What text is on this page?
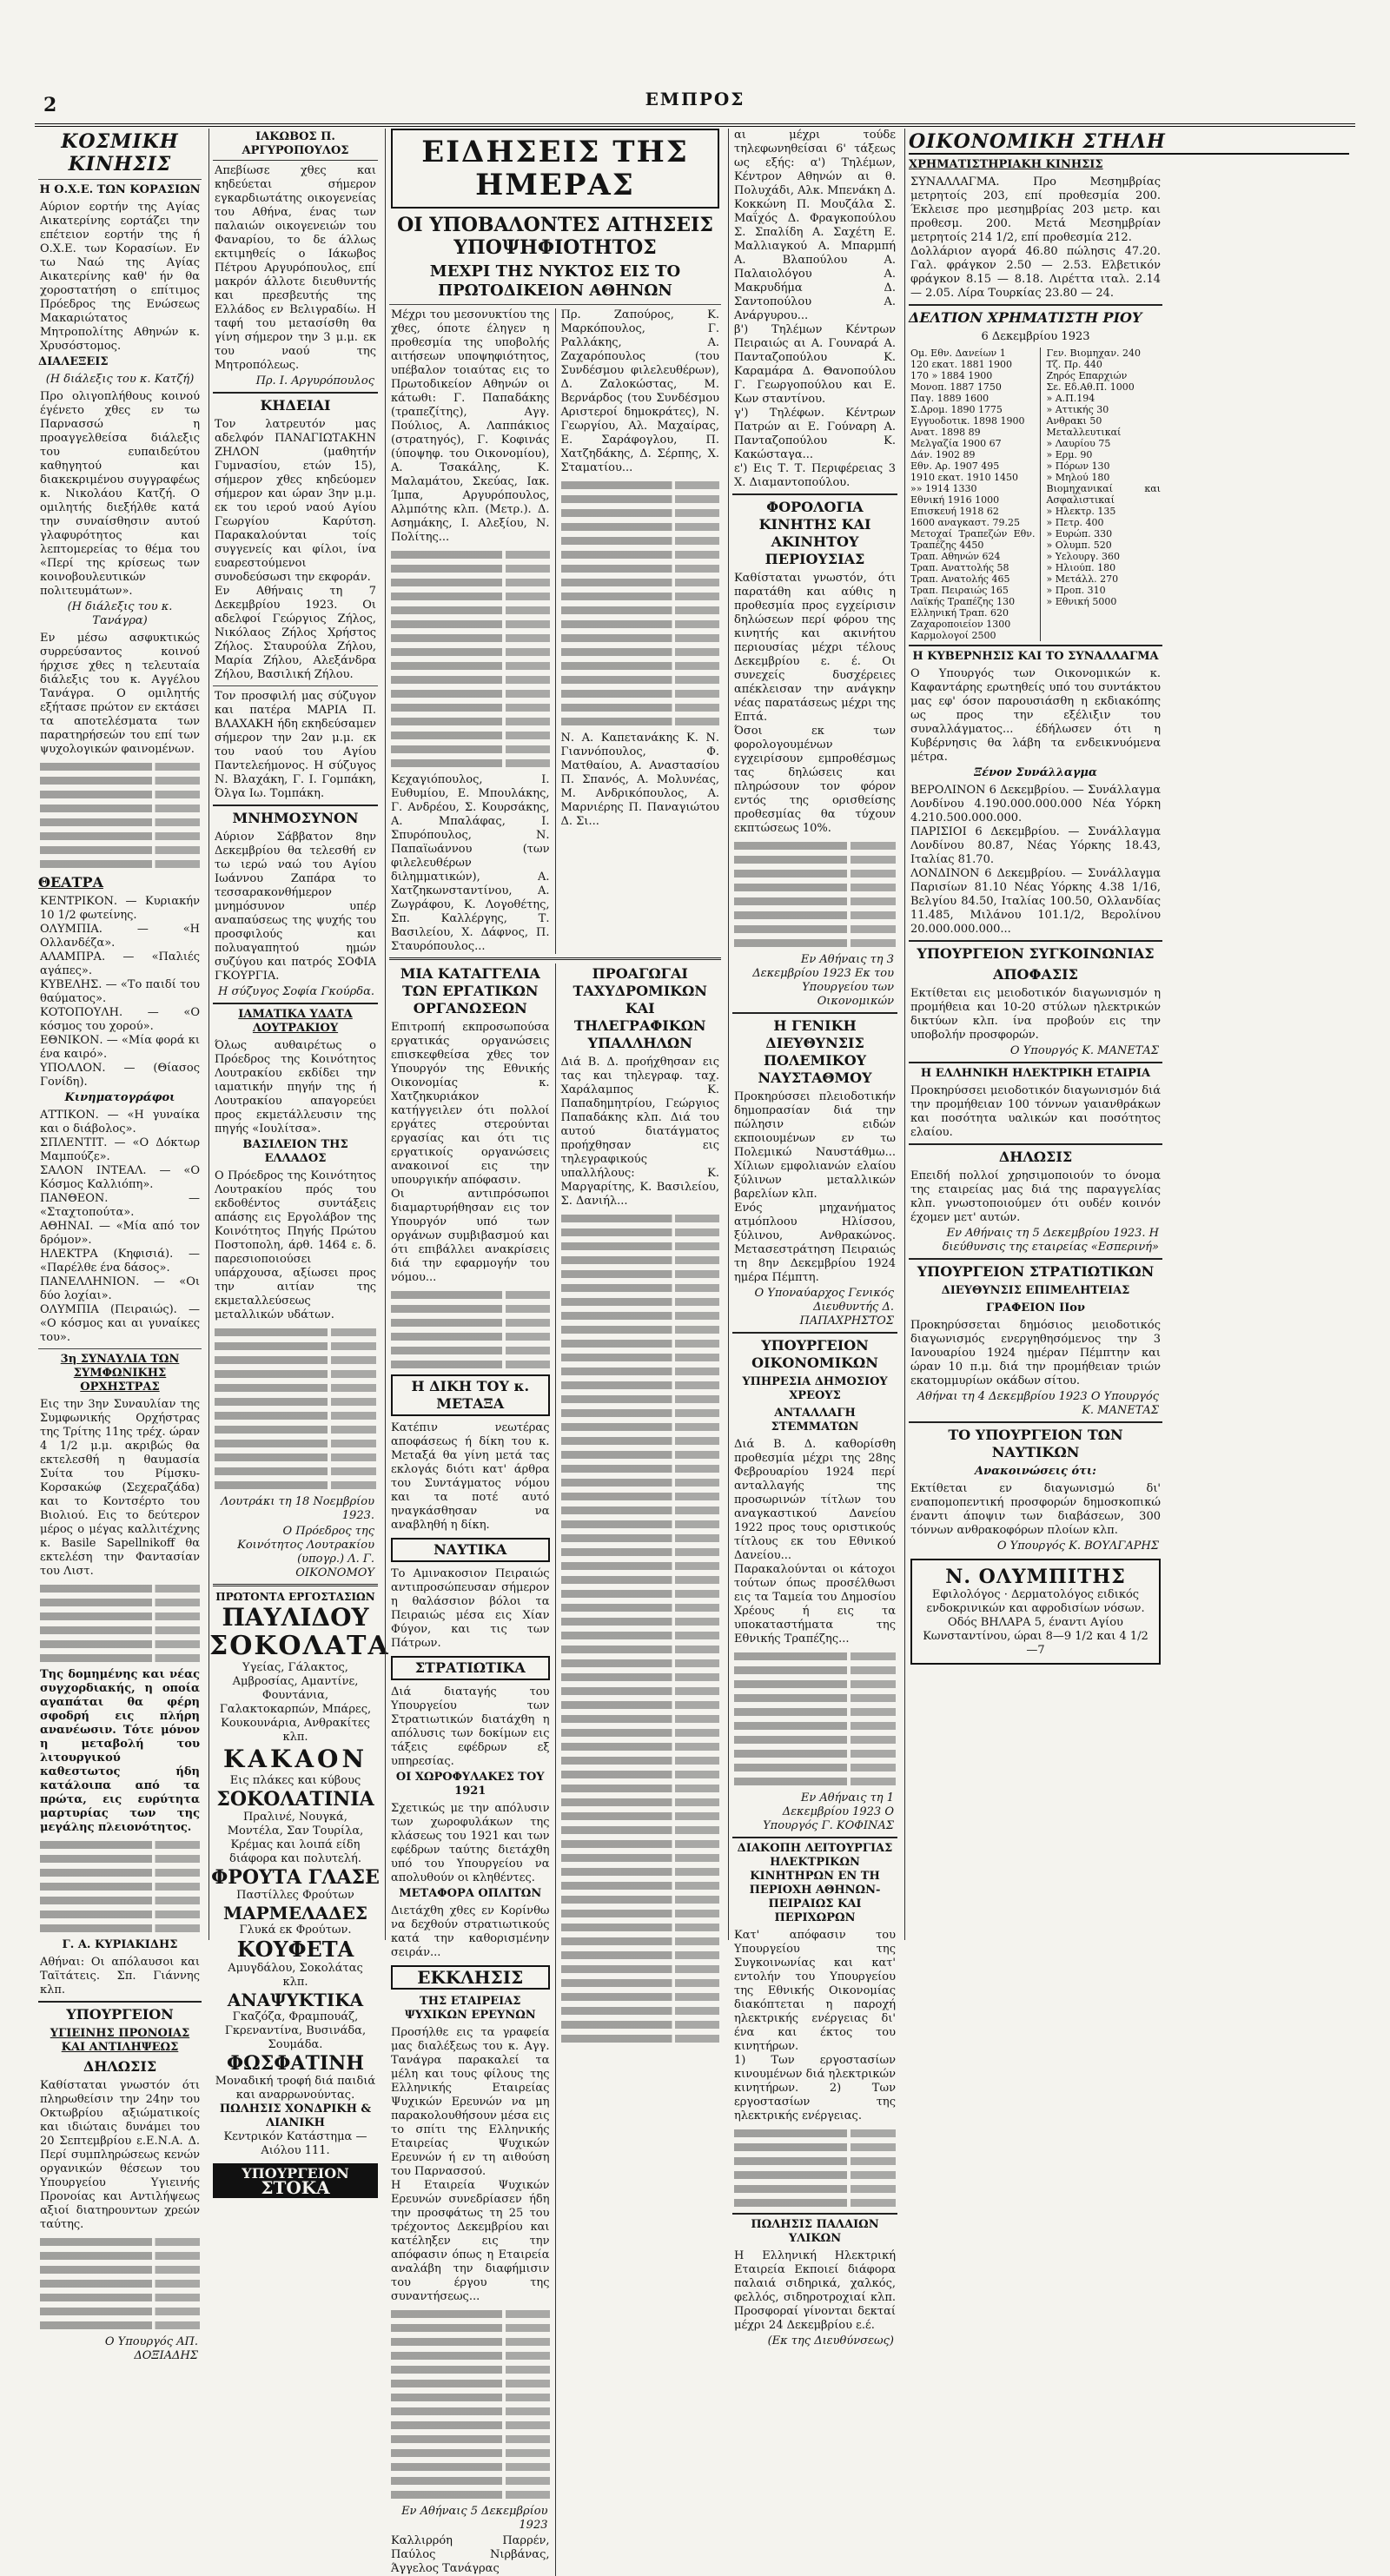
2	ΕΜΠΡΟΣ
ΚΟΣΜΙΚΗ ΚΙΝΗΣΙΣ
Η Ο.Χ.Ε. ΤΩΝ ΚΟΡΑΣΙΩΝ
Αύριον εορτήν της Αγίας Αικατερίνης εορτάζει την επέτειον εορτήν της ή Ο.Χ.Ε. των Κορασίων. Εν τω Ναώ της Αγίας Αικατερίνης καθ' ήν θα χοροστατήση ο επίτιμος Πρόεδρος της Ενώσεως Μακαριώτατος Μητροπολίτης Αθηνών κ. Χρυσόστομος.
ΔΙΑΛΕΞΕΙΣ
(Η διάλεξις του κ. Κατζή)
Προ ολιγοπλήθους κοινού έγένετο χθες εν τω Παρνασσώ η προαγγελθείσα διάλεξις του ευπαιδεύτου καθηγητού και διακεκριμένου συγγραφέως κ. Νικολάου Κατζή. Ο ομιλητής διεξήλθε κατά την συναίσθησιν αυτού γλαφυρότητος και λεπτομερείας το θέμα του «Περί της κρίσεως των κοινοβουλευτικών πολιτευμάτων».
(Η διάλεξις του κ. Τανάγρα)
Εν μέσω ασφυκτικώς συρρεύσαντος κοινού ήρχισε χθες η τελευταία διάλεξις του κ. Αγγέλου Τανάγρα. Ο ομιλητής εξήτασε πρώτον εν εκτάσει τα αποτελέσματα των παρατηρήσεών του επί των ψυχολογικών φαινομένων.
ΘΕΑΤΡΑ
ΚΕΝΤΡΙΚΟΝ. — Κυριακήν 10 1/2 φωτείνης.
ΟΛΥΜΠΙΑ. — «Η Ολλανδέζα».
ΑΛΑΜΠΡΑ. — «Παλιές αγάπες».
ΚΥΒΕΛΗΣ. — «Το παιδί του θαύματος».
ΚΟΤΟΠΟΥΛΗ. — «Ο κόσμος του χορού».
ΕΘΝΙΚΟΝ. — «Μία φορά κι ένα καιρό».
ΥΠΟΛΛΟΝ. — (Θίασος Γονίδη).
Κινηματογράφοι
ΑΤΤΙΚΟΝ. — «Η γυναίκα και ο διάβολος».
ΣΠΛΕΝΤΙΤ. — «Ο Δόκτωρ Μαμπούζε».
ΣΑΛΟΝ ΙΝΤΕΑΛ. — «Ο Κόσμος Καλλιόπη».
ΠΑΝΘΕΟΝ. — «Σταχτοπούτα».
ΑΘΗΝΑΙ. — «Μία από τον δρόμον».
ΗΛΕΚΤΡΑ (Κηφισιά). — «Παρέλθε ένα δάσος».
ΠΑΝΕΛΛΗΝΙΟΝ. — «Οι δύο λοχίαι».
ΟΛΥΜΠΙΑ (Πειραιώς). — «Ο κόσμος και αι γυναίκες του».
3η ΣΥΝΑΥΛΙΑ ΤΩΝ ΣΥΜΦΩΝΙΚΗΣ ΟΡΧΗΣΤΡΑΣ
Εις την 3ην Συναυλίαν της Συμφωνικής Ορχήστρας της Τρίτης 11ης τρέχ. ώραν 4 1/2 μ.μ. ακριβώς θα εκτελεσθή η θαυμασία Συίτα του Ρίμσκυ-Κορσακώφ (Σεχεραζάδα) και το Κοντσέρτο του Βιολιού. Εις το δεύτερον μέρος ο μέγας καλλιτέχνης κ. Basile Sapellnikoff θα εκτελέση την Φαντασίαν του Λιστ.
Της δομημένης και νέας συγχορδιακής, η οποία αγαπάται θα φέρη σφοδρή εις πλήρη ανανέωσιν. Τότε μόνον η μεταβολή του λιτουργικού καθεστωτος ήδη κατάλοιπα από τα πρώτα, εις ευρύτητα μαρτυρίας των της μεγάλης πλειονότητος.
Γ. Α. ΚΥΡΙΑΚΙΔΗΣ
Αθήναι: Οι απόλαυσοι και Ταϊτάτεις. Σπ. Γιάννης κλπ.
ΥΠΟΥΡΓΕΙΟΝ
ΥΓΙΕΙΝΗΣ ΠΡΟΝΟΙΑΣ ΚΑΙ ΑΝΤΙΛΗΨΕΩΣ
ΔΗΛΩΣΙΣ
Καθίσταται γνωστόν ότι πληρωθείσιν την 24ην του Οκτωβρίου αξιώματικοίς και ιδιώταις δυνάμει του 20 Σεπτεμβρίου ε.Ε.Ν.Α. Δ. Περί συμπληρώσεως κενών οργανικών θέσεων του Υπουργείου Υγιεινής Προνοίας και Αντιλήψεως αξιοί διατηρουντων χρεών ταύτης.
Ο Υπουργός ΑΠ. ΔΟΞΙΑΔΗΣ
ΙΑΚΩΒΟΣ Π. ΑΡΓΥΡΟΠΟΥΛΟΣ
Απεβίωσε χθες και κηδεύεται σήμερον εγκαρδιωτάτης οικογενείας του Αθήνα, ένας των παλαιών οικογενειών του Φαναρίου, το δε άλλως εκτιμηθείς ο Ιάκωβος Πέτρου Αργυρόπουλος, επί μακρόν άλλοτε διευθυντής και πρεσβευτής της Ελλάδος εν Βελιγραδίω. Η ταφή του μετασίσθη θα γίνη σήμερον την 3 μ.μ. εκ του ναού της Μητροπόλεως.
Πρ. Ι. Αργυρόπουλος
ΚΗΔΕΙΑΙ
Τον λατρευτόν μας αδελφόν ΠΑΝΑΓΙΩΤΑΚΗΝ ΖΗΛΟΝ (μαθητήν Γυμνασίου, ετών 15), σήμερον χθες κηδεύομεν σήμερον και ώραν 3ην μ.μ. εκ του ιερού ναού Αγίου Γεωργίου Καρύτση. Παρακαλούνται τοίς συγγενείς και φίλοι, ίνα ευαρεστούμενοι συνοδεύσωσι την εκφοράν.
Εν Αθήναις τη 7 Δεκεμβρίου 1923. Οι αδελφοί Γεώργιος Ζήλος, Νικόλαος Ζήλος Χρήστος Ζήλος. Σταυρούλα Ζήλου, Μαρία Ζήλου, Αλεξάνδρα Ζήλου, Βασιλική Ζήλου.
Τον προσφιλή μας σύζυγον και πατέρα ΜΑΡΙΑ Π. ΒΛΑΧΑΚΗ ήδη εκηδεύσαμεν σήμερον την 2αν μ.μ. εκ του ναού του Αγίου Παντελεήμονος. Η σύζυγος Ν. Βλαχάκη, Γ. Ι. Γομπάκη, Όλγα Ιω. Τομπάκη.
ΜΝΗΜΟΣΥΝΟΝ
Αύριον Σάββατον 8ην Δεκεμβρίου θα τελεσθή εν τω ιερώ ναώ του Αγίου Ιωάννου Ζαπάρα το τεσσαρακονθήμερον μνημόσυνον υπέρ αναπαύσεως της ψυχής του προσφιλούς και πολυαγαπητού ημών συζύγου και πατρός ΣΟΦΙΑ ΓΚΟΥΡΓΙΑ.
Η σύζυγος Σοφία Γκούρδα.
ΙΑΜΑΤΙΚΑ ΥΔΑΤΑ ΛΟΥΤΡΑΚΙΟΥ
Όλως αυθαιρέτως ο Πρόεδρος της Κοινότητος Λουτρακίου εκδίδει την ιαματικήν πηγήν της ή Λουτρακίου απαγορεύει προς εκμετάλλευσιν της πηγής «Ιουλίτσα».
ΒΑΣΙΛΕΙΟΝ ΤΗΣ ΕΛΛΑΔΟΣ
Ο Πρόεδρος της Κοινότητος Λουτρακίου πρός του εκδοθέντος συντάξεις απάσης εις Εργολάβον της Κοινότητος Πηγής Πρώτου Ποστοπολη, άρθ. 1464 ε. δ. παρεσιοποιούσει υπάρχουσα, αξίωσει προς την αιτίαν της εκμεταλλεύσεως μεταλλικών υδάτων.
Λουτράκι τη 18 Νοεμβρίου 1923.
Ο Πρόεδρος της Κοινότητος Λουτρακίου (υπογρ.) Λ. Γ. ΟΙΚΟΝΟΜΟΥ
ΠΡΩΤΟΝΤΑ ΕΡΓΟΣΤΑΣΙΩΝ
ΠΑΥΛΙΔΟΥ
ΣΟΚΟΛΑΤΑ
Υγείας, Γάλακτος, Αμβροσίας, Αμαντίνε, Φουντάνια, Γαλακτοκαρπών, Μπάρες, Κουκουνάρια, Ανθρακίτες κλπ.
ΚΑΚΑΟΝ
Εις πλάκες και κύβους
ΣΟΚΟΛΑΤΙΝΙΑ
Πραλινέ, Νουγκά, Μοντέλα, Σαν Τουρίλα, Κρέμας και λοιπά είδη διάφορα και πολυτελή.
ΦΡΟΥΤΑ ΓΛΑΣΕ
Παστίλλες Φρούτων
ΜΑΡΜΕΛΑΔΕΣ
Γλυκά εκ Φρούτων.
ΚΟΥΦΕΤΑ
Αμυγδάλου, Σοκολάτας κλπ.
ΑΝΑΨΥΚΤΙΚΑ
Γκαζόζα, Φραμπουάζ, Γκρεναντίνα, Βυσινάδα, Σουμάδα.
ΦΩΣΦΑΤΙΝΗ
Μοναδική τροφή διά παιδιά και αναρρωνούντας.
ΠΩΛΗΣΙΣ ΧΟΝΔΡΙΚΗ & ΛΙΑΝΙΚΗ
Κεντρικόν Κατάστημα — Αιόλου 111.
ΥΠΟΥΡΓΕΙΟΝ
ΣΤΟΚΑ
ΕΙΔΗΣΕΙΣ ΤΗΣ ΗΜΕΡΑΣ
ΟΙ ΥΠΟΒΑΛΟΝΤΕΣ ΑΙΤΗΣΕΙΣ ΥΠΟΨΗΦΙΟΤΗΤΟΣ
ΜΕΧΡΙ ΤΗΣ ΝΥΚΤΟΣ ΕΙΣ ΤΟ ΠΡΩΤΟΔΙΚΕΙΟΝ ΑΘΗΝΩΝ
Μέχρι του μεσονυκτίου της χθες, όποτε έληγεν η προθεσμία της υποβολής αιτήσεων υποψηφιότητος, υπέβαλον τοιαύτας εις το Πρωτοδικείον Αθηνών οι κάτωθι: Γ. Παπαδάκης (τραπεζίτης), Αγγ. Πούλιος, Α. Λαππάκιος (στρατηγός), Γ. Κοφινάς (ύποψηφ. του Οικονομίου), Α. Τσακάλης, Κ. Μαλαμάτου, Σκεύας, Ιακ. Ίμπα, Αργυρόπουλος, Αλμπότης κλπ. (Μετρ.). Δ. Ασημάκης, Ι. Αλεξίου, Ν. Πολίτης...
Κεχαγιόπουλος, Ι. Ευθυμίου, Ε. Μπουλάκης, Γ. Ανδρέου, Σ. Κουρσάκης, Α. Μπαλάφας, Ι. Σπυρόπουλος, Ν. Παπαϊωάννου (των φιλελευθέρων διλημματικών), Α. Χατζηκωνσταντίνου, Α. Ζωγράφου, Κ. Λογοθέτης, Σπ. Καλλέργης, Τ. Βασιλείου, Χ. Δάφνος, Π. Σταυρόπουλος...
Πρ. Ζαπούρος, Κ. Μαρκόπουλος, Γ. Ραλλάκης, Α. Ζαχαρόπουλος (του Συνδέσμου φιλελευθέρων), Δ. Ζαλοκώστας, Μ. Βερνάρδος (του Συνδέσμου Αριστεροί δημοκράτες), Ν. Γεωργίου, Αλ. Μαχαίρας, Ε. Σαράφογλου, Π. Χατζηδάκης, Δ. Σέρπης, Χ. Σταματίου...
Ν. Α. Καπετανάκης Κ. Ν. Γιαννόπουλος, Φ. Ματθαίου, Α. Αναστασίου Π. Σπανός, Α. Μολυνέας, Μ. Ανδρικόπουλος, Α. Μαρνιέρης Π. Παναγιώτου Δ. Σι...
ΜΙΑ ΚΑΤΑΓΓΕΛΙΑ ΤΩΝ ΕΡΓΑΤΙΚΩΝ ΟΡΓΑΝΩΣΕΩΝ
Επιτροπή εκπροσωπούσα εργατικάς οργανώσεις επισκεφθείσα χθες τον Υπουργόν της Εθνικής Οικονομίας κ. Χατζηκυριάκον κατήγγειλεν ότι πολλοί εργάτες στερούνται εργασίας και ότι τις εργατικοίς οργανώσεις ανακοινοί εις την υπουργικήν απόφασιν.
Οι αντιπρόσωποι διαμαρτυρήθησαν εις τον Υπουργόν υπό των οργάνων συμβιβασμού και ότι επιβάλλει ανακρίσεις διά την εφαρμογήν του νόμου...
Η ΔΙΚΗ ΤΟΥ κ. ΜΕΤΑΞΑ
Κατέπιν νεωτέρας αποφάσεως ή δίκη του κ. Μεταξά θα γίνη μετά τας εκλογάς διότι κατ' άρθρα του Συντάγματος νόμου και τα ποτέ αυτό ηναγκάσθησαν να αναβληθή η δίκη.
ΝΑΥΤΙΚΑ
Το Αμινακοσιον Πειραιώς αντιπροσώπευσαν σήμερον η θαλάσσιον βόλοι τα Πειραιώς μέσα εις Χίαν Φύγον, και τις των Πάτρων.
ΣΤΡΑΤΙΩΤΙΚΑ
Διά διαταγής του Υπουργείου των Στρατιωτικών διατάχθη η απόλυσις των δοκίμων εις τάξεις εφέδρων εξ υπηρεσίας.
ΟΙ ΧΩΡΟΦΥΛΑΚΕΣ ΤΟΥ 1921
Σχετικώς με την απόλυσιν των χωροφυλάκων της κλάσεως του 1921 και των εφέδρων ταύτης διετάχθη υπό του Υπουργείου να απολυθούν οι κληθέντες.
ΜΕΤΑΦΟΡΑ ΟΠΛΙΤΩΝ
Διετάχθη χθες εν Κορίνθω να δεχθούν στρατιωτικούς κατά την καθορισμένην σειράν...
ΕΚΚΛΗΣΙΣ
ΤΗΣ ΕΤΑΙΡΕΙΑΣ ΨΥΧΙΚΩΝ ΕΡΕΥΝΩΝ
Προσήλθε εις τα γραφεία μας διαλέξεως του κ. Αγγ. Τανάγρα παρακαλεί τα μέλη και τους φίλους της Ελληνικής Εταιρείας Ψυχικών Ερευνών να μη παρακολουθήσουν μέσα εις το σπίτι της Ελληνικής Εταιρείας Ψυχικών Ερευνών ή εν τη αιθούση του Παρνασσού.
Η Εταιρεία Ψυχικών Ερευνών συνεδρίασεν ήδη την προσφάτως τη 25 του τρέχοντος Δεκεμβρίου και κατέληξεν εις την απόφασιν όπως η Εταιρεία αναλάβη την διαφήμισιν του έργου της συναντήσεως...
Εν Αθήναις 5 Δεκεμβρίου 1923
Καλλιρρόη Παρρέν, Παύλος Νιρβάνας, Άγγελος Τανάγρας
ΠΡΟΑΓΩΓΑΙ ΤΑΧΥΔΡΟΜΙΚΩΝ ΚΑΙ ΤΗΛΕΓΡΑΦΙΚΩΝ ΥΠΑΛΛΗΛΩΝ
Διά Β. Δ. προήχθησαν εις τας και τηλεγραφ. ταχ. Χαράλαμπος Κ. Παπαδημητρίου, Γεώργιος Παπαδάκης κλπ. Διά του αυτού διατάγματος προήχθησαν εις τηλεγραφικούς υπαλλήλους: Κ. Μαργαρίτης, Κ. Βασιλείου, Σ. Δανιήλ...
αι μέχρι τούδε τηλεφωνηθείσαι 6' τάξεως ως εξής: α') Τηλέμων, Κέντρον Αθηνών αι θ. Πολυχάδι, Αλκ. Μπενάκη Δ. Κοκκώνη Π. Μουζάλα Σ. Μαΐχός Δ. Φραγκοπούλου Σ. Σπαλίδη Α. Σαχέτη Ε. Μαλλιαγκού Α. Μπαρμπή Α. Βλαπούλου Α. Παλαιολόγου Α. Μακρυδήμα Δ. Σαντοπούλου Α. Ανάργυρου...
β') Τηλέμων Κέντρων Πειραιώς αι Α. Γουναρά Α. Πανταζοπούλου Κ. Καραμάρα Δ. Θανοπούλου Γ. Γεωργοπούλου και Ε. Κων σταντίνου.
γ') Τηλέφων. Κέντρων Πατρών αι Ε. Γούναρη Α. Πανταζοπούλου Κ. Κακώσταγα...
ε') Εις Τ. Τ. Περιφέρειας 3 Χ. Διαμαντοπούλου.
ΦΟΡΟΛΟΓΙΑ ΚΙΝΗΤΗΣ ΚΑΙ ΑΚΙΝΗΤΟΥ ΠΕΡΙΟΥΣΙΑΣ
Καθίσταται γνωστόν, ότι παρατάθη και αύθις η προθεσμία προς εγχείρισιν δηλώσεων περί φόρου της κινητής και ακινήτου περιουσίας μέχρι τέλους Δεκεμβρίου ε. έ. Οι συνεχείς δυσχέρειες απέκλεισαν την ανάγκην νέας παρατάσεως μέχρι της Επτά.
Όσοι εκ των φορολογουμένων εγχειρίσουν εμπροθέσμως τας δηλώσεις και πληρώσουν τον φόρον εντός της ορισθείσης προθεσμίας θα τύχουν εκπτώσεως 10%.
Εν Αθήναις τη 3 Δεκεμβρίου 1923 Εκ του Υπουργείου των Οικονομικών
Η ΓΕΝΙΚΗ ΔΙΕΥΘΥΝΣΙΣ ΠΟΛΕΜΙΚΟΥ ΝΑΥΣΤΑΘΜΟΥ
Προκηρύσσει πλειοδοτικήν δημοπρασίαν διά την πώλησιν ειδών εκποιουμένων εν τω Πολεμικώ Ναυστάθμω... Χίλιων εμφολιανών ελαίου ξύλινων μεταλλικών βαρελίων κλπ.
Ενός μηχανήματος ατμόπλοου Ηλίσσου, ξύλινου, Ανθρακώνος. Μετασεστράτηση Πειραιώς τη 8ην Δεκεμβρίου 1924 ημέρα Πέμπτη.
Ο Υποναύαρχος Γενικός Διευθυντής Δ. ΠΑΠΑΧΡΗΣΤΟΣ
ΥΠΟΥΡΓΕΙΟΝ ΟΙΚΟΝΟΜΙΚΩΝ
ΥΠΗΡΕΣΙΑ ΔΗΜΟΣΙΟΥ ΧΡΕΟΥΣ
ΑΝΤΑΛΛΑΓΗ ΣΤΕΜΜΑΤΩΝ
Διά Β. Δ. καθορίσθη προθεσμία μέχρι της 28ης Φεβρουαρίου 1924 περί ανταλλαγής της προσωρινών τίτλων του αναγκαστικού Δανείου 1922 προς τους οριστικούς τίτλους εκ του Εθνικού Δανείου...
Παρακαλούνται οι κάτοχοι τούτων όπως προσέλθωσι εις τα Ταμεία του Δημοσίου Χρέους ή εις τα υποκαταστήματα της Εθνικής Τραπέζης...
Εν Αθήναις τη 1 Δεκεμβρίου 1923 Ο Υπουργός Γ. ΚΟΦΙΝΑΣ
ΔΙΑΚΟΠΗ ΛΕΙΤΟΥΡΓΙΑΣ ΗΛΕΚΤΡΙΚΩΝ ΚΙΝΗΤΗΡΩΝ ΕΝ ΤΗ ΠΕΡΙΟΧΗ ΑΘΗΝΩΝ-ΠΕΙΡΑΙΩΣ ΚΑΙ ΠΕΡΙΧΩΡΩΝ
Κατ' απόφασιν του Υπουργείου της Συγκοινωνίας και κατ' εντολήν του Υπουργείου της Εθνικής Οικονομίας διακόπτεται η παροχή ηλεκτρικής ενέργειας δι' ένα και έκτος του κινητήρων.
1) Των εργοστασίων κινουμένων διά ηλεκτρικών κινητήρων. 2) Των εργοστασίων της ηλεκτρικής ενέργειας.
ΠΩΛΗΣΙΣ ΠΑΛΑΙΩΝ ΥΛΙΚΩΝ
Η Ελληνική Ηλεκτρική Εταιρεία Εκποιεί διάφορα παλαιά σιδηρικά, χαλκός, φελλός, σιδηροτροχιαί κλπ. Προσφοραί γίνονται δεκταί μέχρι 24 Δεκεμβρίου ε.έ.
(Εκ της Διευθύνσεως)
ΟΙΚΟΝΟΜΙΚΗ ΣΤΗΛΗ
ΧΡΗΜΑΤΙΣΤΗΡΙΑΚΗ ΚΙΝΗΣΙΣ
ΣΥΝΑΛΛΑΓΜΑ. Προ Μεσημβρίας μετρητοίς 203, επί προθεσμία 200. Έκλεισε προ μεσημβρίας 203 μετρ. και προθεσμ. 200. Μετά Μεσημβρίαν μετρητοίς 214 1/2, επί προθεσμία 212.
Δολλάριον αγορά 46.80 πώλησις 47.20. Γαλ. φράγκον 2.50 — 2.53. Ελβετικόν φράγκον 8.15 — 8.18. Λιρέττα ιταλ. 2.14 — 2.05. Λίρα Τουρκίας 23.80 — 24.
ΔΕΛΤΙΟΝ ΧΡΗΜΑΤΙΣΤΗ ΡΙΟΥ
6 Δεκεμβρίου 1923
Ομ. Εθν. Δανείων 1
120 εκατ. 1881 1900
170 » 1884 1900
Μονοπ. 1887 1750
Παγ. 1889 1600
Σ.Δρομ. 1890 1775
Εγγυοδοτικ. 1898 1900
Ανατ. 1898 89
Μελγαζία 1900 67
Δάν. 1902 89
Εθν. Αρ. 1907 495
1910 εκατ. 1910 1450
»» 1914 1330
Εθνική 1916 1000
Επισκευή 1918 62
1600 αναγκαστ. 79.25
Μετοχαί Τραπεζών Εθν. Τραπέζης 4450
Τραπ. Αθηνών 624
Τραπ. Αναττολής 58
Τραπ. Ανατολής 465
Τραπ. Πειραιώς 165
Λαϊκής Τραπέζης 130
Ελληνική Τραπ. 620
Ζαχαροποιείον 1300
Καρμολογοί 2500
Γεν. Βιομηχαν. 240
Τζ. Πρ. 440
Ζηρός Επαρχιών
Σε. Εδ.Αθ.Π. 1000
» Α.Π.194
» Αττικής 30
Ανθρακι 50
Μεταλλευτικαί
» Λαυρίου 75
» Ερμ. 90
» Πόρων 130
» Μηλού 180
Βιομηχανικαί και Ασφαλιστικαί
» Ηλεκτρ. 135
» Πετρ. 400
» Ευρώπ. 330
» Ολυμπ. 520
» Υελουργ. 360
» Ηλιούπ. 180
» Μετάλλ. 270
» Προπ. 310
» Εθνική 5000
Η ΚΥΒΕΡΝΗΣΙΣ ΚΑΙ ΤΟ ΣΥΝΑΛΛΑΓΜΑ
Ο Υπουργός των Οικονομικών κ. Καφαντάρης ερωτηθείς υπό του συντάκτου μας εφ' όσον παρουσιάσθη η εκδιακόπης ως προς την εξέλιξιν του συναλλάγματος... έδήλωσεν ότι η Κυβέρνησις θα λάβη τα ενδεικνυόμενα μέτρα.
Ξένον Συνάλλαγμα
ΒΕΡΟΛΙΝΟΝ 6 Δεκεμβρίου. — Συνάλλαγμα Λονδίνου 4.190.000.000.000 Νέα Υόρκη 4.210.500.000.000.
ΠΑΡΙΣΙΟΙ 6 Δεκεμβρίου. — Συνάλλαγμα Λονδίνου 80.87, Νέας Υόρκης 18.43, Ιταλίας 81.70.
ΛΟΝΔΙΝΟΝ 6 Δεκεμβρίου. — Συνάλλαγμα Παρισίων 81.10 Νέας Υόρκης 4.38 1/16, Βελγίου 84.50, Ιταλίας 100.50, Ολλανδίας 11.485, Μιλάνου 101.1/2, Βερολίνου 20.000.000.000...
ΥΠΟΥΡΓΕΙΟΝ ΣΥΓΚΟΙΝΩΝΙΑΣ
ΑΠΟΦΑΣΙΣ
Εκτίθεται εις μειοδοτικόν διαγωνισμόν η προμήθεια και 10-20 στύλων ηλεκτρικών δικτύων κλπ. ίνα προβούν εις την υποβολήν προσφορών.
Ο Υπουργός Κ. ΜΑΝΕΤΑΣ
Η ΕΛΛΗΝΙΚΗ ΗΛΕΚΤΡΙΚΗ ΕΤΑΙΡΙΑ
Προκηρύσσει μειοδοτικόν διαγωνισμόν διά την προμήθειαν 100 τόννων γαιανθράκων και ποσότητα υαλικών και ποσότητος ελαίου.
ΔΗΛΩΣΙΣ
Επειδή πολλοί χρησιμοποιούν το όνομα της εταιρείας μας διά της παραγγελίας κλπ. γνωστοποιούμεν ότι ουδέν κοινόν έχομεν μετ' αυτών.
Εν Αθήναις τη 5 Δεκεμβρίου 1923. Η διεύθυνσις της εταιρείας «Εσπερινή»
ΥΠΟΥΡΓΕΙΟΝ ΣΤΡΑΤΙΩΤΙΚΩΝ
ΔΙΕΥΘΥΝΣΙΣ ΕΠΙΜΕΛΗΤΕΙΑΣ
ΓΡΑΦΕΙΟΝ ΙΙον
Προκηρύσσεται δημόσιος μειοδοτικός διαγωνισμός ενεργηθησόμενος την 3 Ιανουαρίου 1924 ημέραν Πέμπτην και ώραν 10 π.μ. διά την προμήθειαν τριών εκατομμυρίων οκάδων σίτου.
Αθήναι τη 4 Δεκεμβρίου 1923 Ο Υπουργός Κ. ΜΑΝΕΤΑΣ
ΤΟ ΥΠΟΥΡΓΕΙΟΝ ΤΩΝ ΝΑΥΤΙΚΩΝ
Ανακοινώσεις ότι:
Εκτίθεται εν διαγωνισμώ δι' εναπομοπεντική προσφορών δημοσκοπικώ έναντι άποψιν των διαβάσεων, 300 τόννων ανθρακοφόρων πλοίων κλπ.
Ο Υπουργός Κ. ΒΟΥΛΓΑΡΗΣ
Ν. ΟΛΥΜΠΙΤΗΣ
Εφιλολόγος · Δερματολόγος ειδικός ενδοκρινικών και αφροδισίων νόσων. Οδός ΒΗΛΑΡΑ 5, έναντι Αγίου Κωνσταντίνου, ώραι 8—9 1/2 και 4 1/2—7
